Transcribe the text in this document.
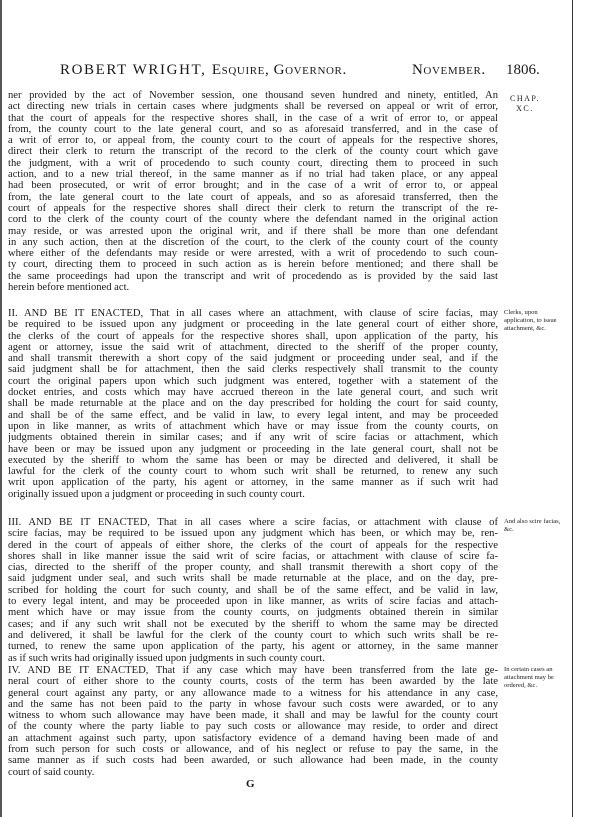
ROBERT WRIGHT, Esquire, Governor.	November. 1806.
CHAP.
XC.
ner provided by the act of November session, one thousand seven hundred and ninety, entitled, An
act directing new trials in certain cases where judgments shall be reversed on appeal or writ of error,
that the court of appeals for the respective shores shall, in the case of a writ of error to, or appeal
from, the county court to the late general court, and so as aforesaid transferred, and in the case of
a writ of error to, or appeal from, the county court to the court of appeals for the respective shores,
direct their clerk to return the transcript of the record to the clerk of the county court which gave
the judgment, with a writ of procedendo to such county court, directing them to proceed in such
action, and to a new trial thereof, in the same manner as if no trial had taken place, or any appeal
had been prosecuted, or writ of error brought; and in the case of a writ of error to, or appeal
from, the late general court to the late court of appeals, and so as aforesaid transferred, then the
court of appeals for the respective shores shall direct their clerk to return the transcript of the re-
cord to the clerk of the county court of the county where the defendant named in the original action
may reside, or was arrested upon the original writ, and if there shall be more than one defendant
in any such action, then at the discretion of the court, to the clerk of the county court of the county
where either of the defendants may reside or were arrested, with a writ of procedendo to such coun-
ty court, directing them to proceed in such action as is herein before mentioned; and there shall be
the same proceedings had upon the transcript and writ of procedendo as is provided by the said last
herein before mentioned act.
II. AND BE IT ENACTED, That in all cases where an attachment, with clause of scire facias, may
be required to be issued upon any judgment or proceeding in the late general court of either shore,
the clerks of the court of appeals for the respective shores shall, upon application of the party, his
agent or attorney, issue the said writ of attachment, directed to the sheriff of the proper county,
and shall transmit therewith a short copy of the said judgment or proceeding under seal, and if the
said judgment shall be for attachment, then the said clerks respectively shall transmit to the county
court the original papers upon which such judgment was entered, together with a statement of the
docket entries, and costs which may have accrued thereon in the late general court, and such writ
shall be made returnable at the place and on the day prescribed for holding the court for said county,
and shall be of the same effect, and be valid in law, to every legal intent, and may be proceeded
upon in like manner, as writs of attachment which have or may issue from the county courts, on
judgments obtained therein in similar cases; and if any writ of scire facias or attachment, which
have been or may be issued upon any judgment or proceeding in the late general court, shall not be
executed by the sheriff to whom the same has been or may be directed and delivered, it shall be
lawful for the clerk of the county court to whom such writ shall be returned, to renew any such
writ upon application of the party, his agent or attorney, in the same manner as if such writ had
originally issued upon a judgment or proceeding in such county court.
III. AND BE IT ENACTED, That in all cases where a scire facias, or attachment with clause of
scire facias, may be required to be issued upon any judgment which has been, or which may be, ren-
dered in the court of appeals of either shore, the clerks of the court of appeals for the respective
shores shall in like manner issue the said writ of scire facias, or attachment with clause of scire fa-
cias, directed to the sheriff of the proper county, and shall transmit therewith a short copy of the
said judgment under seal, and such writs shall be made returnable at the place, and on the day, pre-
scribed for holding the court for such county, and shall be of the same effect, and be valid in law,
to every legal intent, and may be proceeded upon in like manner, as writs of scire facias and attach-
ment which have or may issue from the county courts, on judgments obtained therein in similar
cases; and if any such writ shall not be executed by the sheriff to whom the same may be directed
and delivered, it shall be lawful for the clerk of the county court to which such writs shall be re-
turned, to renew the same upon application of the party, his agent or attorney, in the same manner
as if such writs had originally issued upon judgments in such county court.
IV. AND BE IT ENACTED, That if any case which may have been transferred from the late ge-
neral court of either shore to the county courts, costs of the term has been awarded by the late
general court against any party, or any allowance made to a witness for his attendance in any case,
and the same has not been paid to the party in whose favour such costs were awarded, or to any
witness to whom such allowance may have been made, it shall and may be lawful for the county court
of the county where the party liable to pay such costs or allowance may reside, to order and direct
an attachment against such party, upon satisfactory evidence of a demand having been made of and
from such person for such costs or allowance, and of his neglect or refuse to pay the same, in the
same manner as if such costs had been awarded, or such allowance had been made, in the county
court of said county.
Clerks, upon application, to issue attachment, &c.
And also scire facias, &c.
In certain cases an attachment may be ordered, &c.
G
